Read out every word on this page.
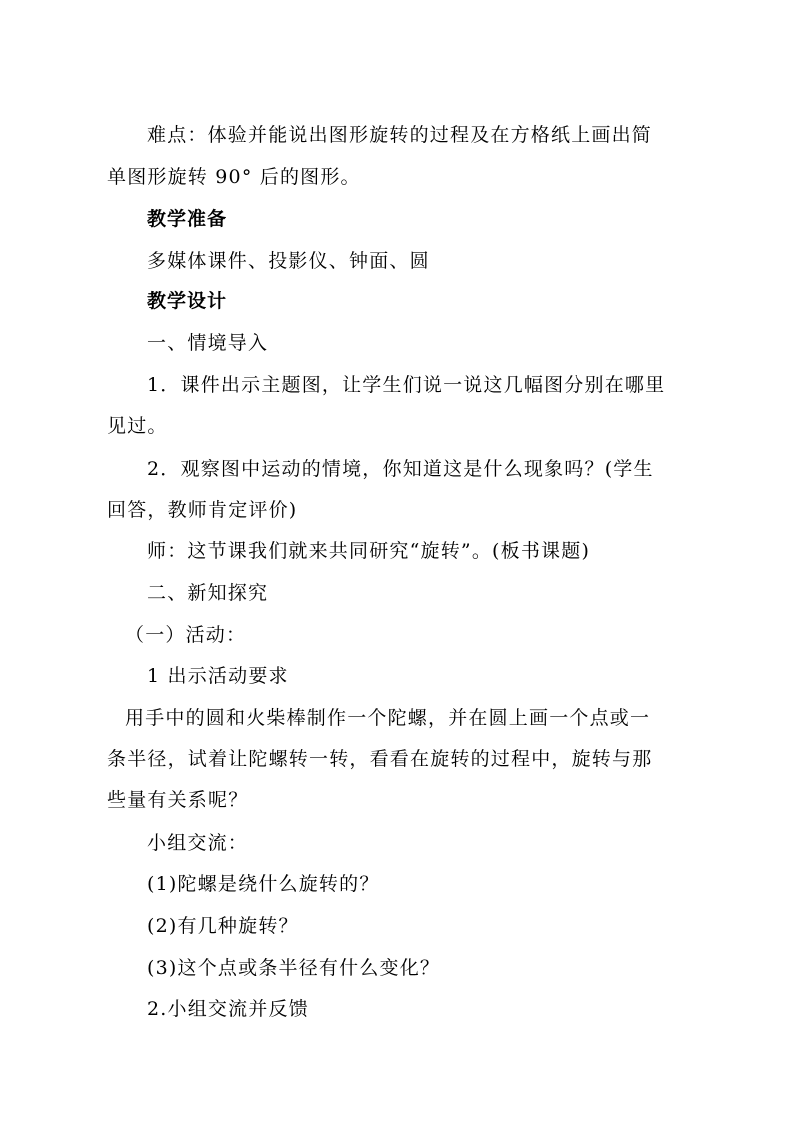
难点：体验并能说出图形旋转的过程及在方格纸上画出简
单图形旋转 90° 后的图形。
教学准备
多媒体课件、投影仪、钟面、圆
教学设计
一、情境导入
1．课件出示主题图，让学生们说一说这几幅图分别在哪里
见过。
2．观察图中运动的情境，你知道这是什么现象吗？(学生
回答，教师肯定评价)
师：这节课我们就来共同研究“旋转”。(板书课题)
二、新知探究
（一）活动：
1 出示活动要求
用手中的圆和火柴棒制作一个陀螺，并在圆上画一个点或一
条半径，试着让陀螺转一转，看看在旋转的过程中，旋转与那
些量有关系呢？
小组交流：
(1)陀螺是绕什么旋转的？
(2)有几种旋转？
(3)这个点或条半径有什么变化？
2.小组交流并反馈
